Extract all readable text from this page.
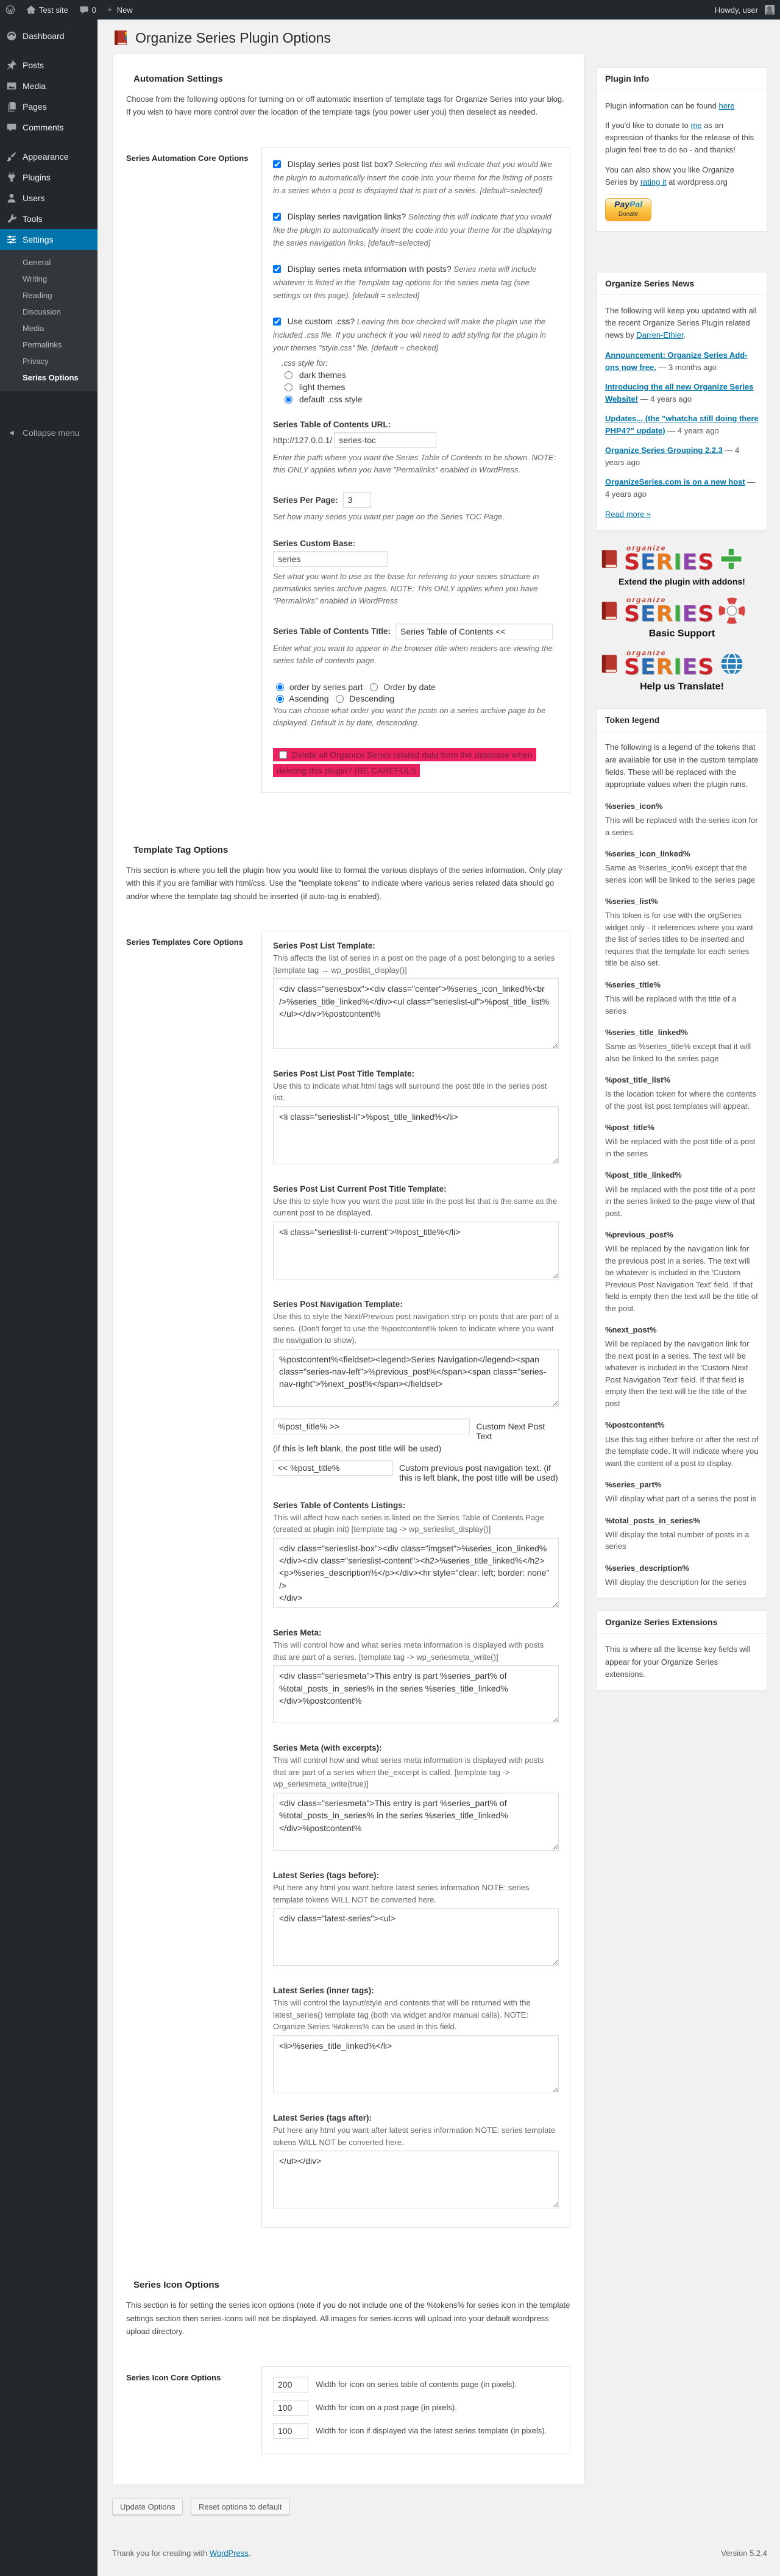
Test site	0 + New	Howdy, user
Dashboard
Posts
Media
Pages
Comments
Appearance
Plugins
Users
Tools
Settings
General
Writing
Reading
Discussion
Media
Permalinks
Privacy
Series Options
◀	Collapse menu
Organize Series Plugin Options
Automation Settings

Choose from the following options for turning on or off automatic insertion of template tags for Organize Series into your blog. If you wish to have more control over the location of the template tags (you power user you) then deselect as needed.

Series Automation Core Options
Display series post list box? Selecting this will indicate that you would like the plugin to automatically insert the code into your theme for the listing of posts in a series when a post is displayed that is part of a series. [default=selected]
Display series navigation links? Selecting this will indicate that you would like the plugin to automatically insert the code into your theme for the displaying the series navigation links. [default=selected]
Display series meta information with posts? Series meta will include whatever is listed in the Template tag options for the series meta tag (see settings on this page). [default = selected]
Use custom .css? Leaving this box checked will make the plugin use the included .css file. If you uncheck it you will need to add styling for the plugin in your themes "style.css" file. [default = checked]
.css style for:
dark themes
light themes
default .css style
Series Table of Contents URL:
http://127.0.0.1/
series-toc

Enter the path where you want the Series Table of Contents to be shown. NOTE: this ONLY applies when you have "Permalinks" enabled in WordPress.

Series Per Page:
3

Set how many series you want per page on the Series TOC Page.

Series Custom Base:
series

Set what you want to use as the base for referring to your series structure in permalinks series archive pages. NOTE: This ONLY applies when you have "Permalinks" enabled in WordPress

Series Table of Contents Title:
Series Table of Contents <<

Enter what you want to appear in the browser title when readers are viewing the series table of contents page.

order by series part Order by date
Ascending Descending

You can choose what order you want the posts on a series archive page to be displayed. Default is by date, descending.

Delete all Organize Series related data from the database when deleting this plugin? (BE CAREFUL!)
Template Tag Options

This section is where you tell the plugin how you would like to format the various displays of the series information. Only play with this if you are familiar with html/css. Use the "template tokens" to indicate where various series related data should go and/or where the template tag should be inserted (if auto-tag is enabled).

Series Templates Core Options	Series Post List Template:
This affects the list of series in a post on the page of a post belonging to a series [template tag → wp_postlist_display()]
<div class="seriesbox"><div class="center">%series_icon_linked%<br />%series_title_linked%</div><ul class="serieslist-ul">%post_title_list%</ul></div>%postcontent%
Series Post List Post Title Template:
Use this to indicate what html tags will surround the post title in the series post list.
<li class="serieslist-li">%post_title_linked%</li>
Series Post List Current Post Title Template:
Use this to style how you want the post title in the post list that is the same as the current post to be displayed.
<li class="serieslist-li-current">%post_title%</li>
Series Post Navigation Template:
Use this to style the Next/Previous post navigation strip on posts that are part of a series. (Don't forget to use the %postcontent% token to indicate where you want the navigation to show).
%postcontent%<fieldset><legend>Series Navigation</legend><span class="series-nav-left">%previous_post%</span><span class="series-nav-right">%next_post%</span></fieldset>
%post_title% >>
Custom Next Post Text
(if this is left blank, the post title will be used)
<< %post_title%
Custom previous post navigation text. (if this is left blank, the post title will be used)
Series Table of Contents Listings:
This will affect how each series is listed on the Series Table of Contents Page (created at plugin init) [template tag -> wp_serieslist_display()]
<div class="serieslist-box"><div class="imgset">%series_icon_linked%</div><div class="serieslist-content"><h2>%series_title_linked%</h2> <p>%series_description%</p></div><hr style="clear: left; border: none" /> </div>
Series Meta:
This will control how and what series meta information is displayed with posts that are part of a series. [template tag -> wp_seriesmeta_write()]
<div class="seriesmeta">This entry is part %series_part% of %total_posts_in_series% in the series %series_title_linked% </div>%postcontent%
Series Meta (with excerpts):
This will control how and what series meta information is displayed with posts that are part of a series when the_excerpt is called. [template tag -> wp_seriesmeta_write(true)]
<div class="seriesmeta">This entry is part %series_part% of %total_posts_in_series% in the series %series_title_linked% </div>%postcontent%
Latest Series (tags before):
Put here any html you want before latest series information NOTE: series template tokens WILL NOT be converted here.
<div class="latest-series"><ul>
Latest Series (inner tags):
This will control the layout/style and contents that will be returned with the latest_series() template tag (both via widget and/or manual calls). NOTE: Organize Series %tokens% can be used in this field.
<li>%series_title_linked%</li>
Latest Series (tags after):
Put here any html you want after latest series information NOTE: series template tokens WILL NOT be converted here.
</ul></div>
Series Icon Options

This section is for setting the series icon options (note if you do not include one of the %tokens% for series icon in the template settings section then series-icons will not be displayed. All images for series-icons will upload into your default wordpress upload directory.

Series Icon Core Options
200
Width for icon on series table of contents page (in pixels).
100
Width for icon on a post page (in pixels).
100
Width for icon if displayed via the latest series template (in pixels).
Update Options	Reset options to default
Plugin Info

Plugin information can be found here

If you'd like to donate to me as an expression of thanks for the release of this plugin feel free to do so - and thanks!

You can also show you like Organize Series by rating it at wordpress.org

PayPal
Donate
Organize Series News

The following will keep you updated with all the recent Organize Series Plugin related news by Darren-Ethier.

Announcement: Organize Series Add-ons now free. — 3 months ago
Introducing the all new Organize Series Website! — 4 years ago
Updates... (the "whatcha still doing there PHP4?" update) — 4 years ago
Organize Series Grouping 2.2.3 — 4 years ago
OrganizeSeries.com is on a new host — 4 years ago
Read more »
organize
SERIES
Extend the plugin with addons!
organize
SERIES
Basic Support
organize
SERIES
Help us Translate!
Token legend

The following is a legend of the tokens that are available for use in the custom template fields. These will be replaced with the appropriate values when the plugin runs.

%series_icon%
This will be replaced with the series icon for a series.
%series_icon_linked%
Same as %series_icon% except that the series icon will be linked to the series page
%series_list%
This token is for use with the orgSeries widget only - it references where you want the list of series titles to be inserted and requires that the template for each series title be also set.
%series_title%
This will be replaced with the title of a series
%series_title_linked%
Same as %series_title% except that it will also be linked to the series page
%post_title_list%
Is the location token for where the contents of the post list post templates will appear.
%post_title%
Will be replaced with the post title of a post in the series
%post_title_linked%
Will be replaced with the post title of a post in the series linked to the page view of that post.
%previous_post%
Will be replaced by the navigation link for the previous post in a series. The text will be whatever is included in the 'Custom Previous Post Navigation Text' field. If that field is empty then the text will be the title of the post.
%next_post%
Will be replaced by the navigation link for the next post in a series. The text will be whatever is included in the 'Custom Next Post Navigation Text' field. If that field is empty then the text will be the title of the post
%postcontent%
Use this tag either before or after the rest of the template code. It will indicate where you want the content of a post to display.
%series_part%
Will display what part of a series the post is
%total_posts_in_series%
Will display the total number of posts in a series
%series_description%
Will display the description for the series
Organize Series Extensions

This is where all the license key fields will appear for your Organize Series extensions.

Thank you for creating with WordPress.	Version 5.2.4
